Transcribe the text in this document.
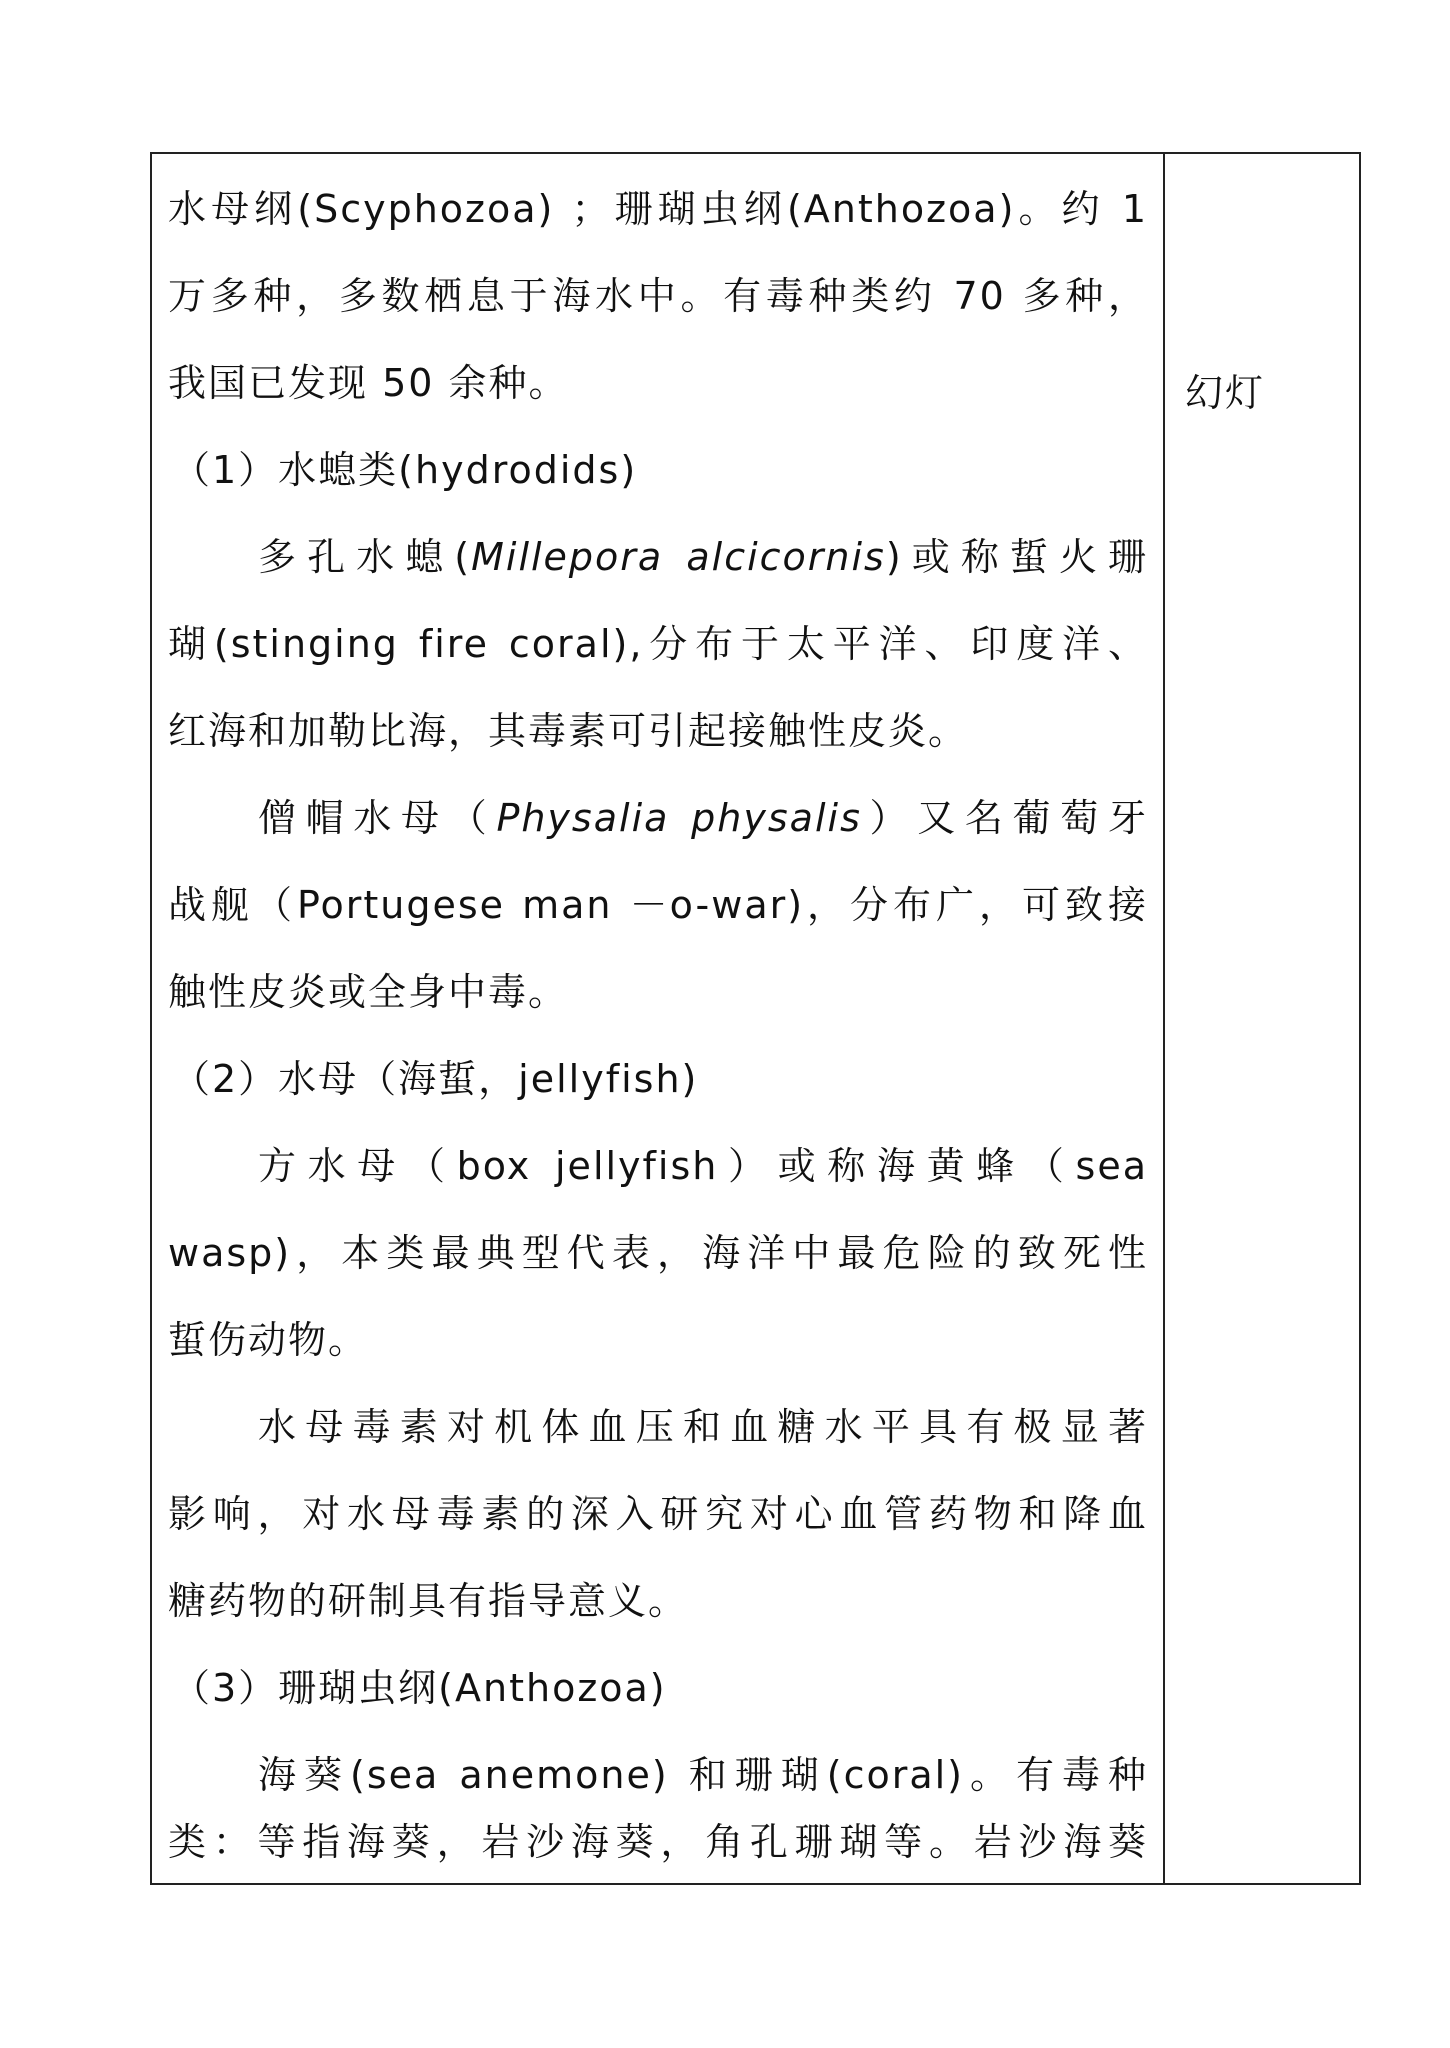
水母纲(Scyphozoa) ；珊瑚虫纲(Anthozoa)。约 1
万多种，多数栖息于海水中。有毒种类约 70 多种，
我国已发现 50 余种。
（1）水螅类(hydrodids)
多孔水螅(Millepora alcicornis)或称蜇火珊
瑚(stinging fire coral),分布于太平洋、印度洋、
红海和加勒比海，其毒素可引起接触性皮炎。
僧帽水母（Physalia physalis）又名葡萄牙
战舰（Portugese man －o-war)，分布广，可致接
触性皮炎或全身中毒。
（2）水母（海蜇，jellyfish)
方水母（box jellyfish）或称海黄蜂（sea
wasp)，本类最典型代表，海洋中最危险的致死性
蜇伤动物。
水母毒素对机体血压和血糖水平具有极显著
影响，对水母毒素的深入研究对心血管药物和降血
糖药物的研制具有指导意义。
（3）珊瑚虫纲(Anthozoa)
海葵(sea anemone) 和珊瑚(coral)。有毒种
类：等指海葵，岩沙海葵，角孔珊瑚等。岩沙海葵
幻灯
